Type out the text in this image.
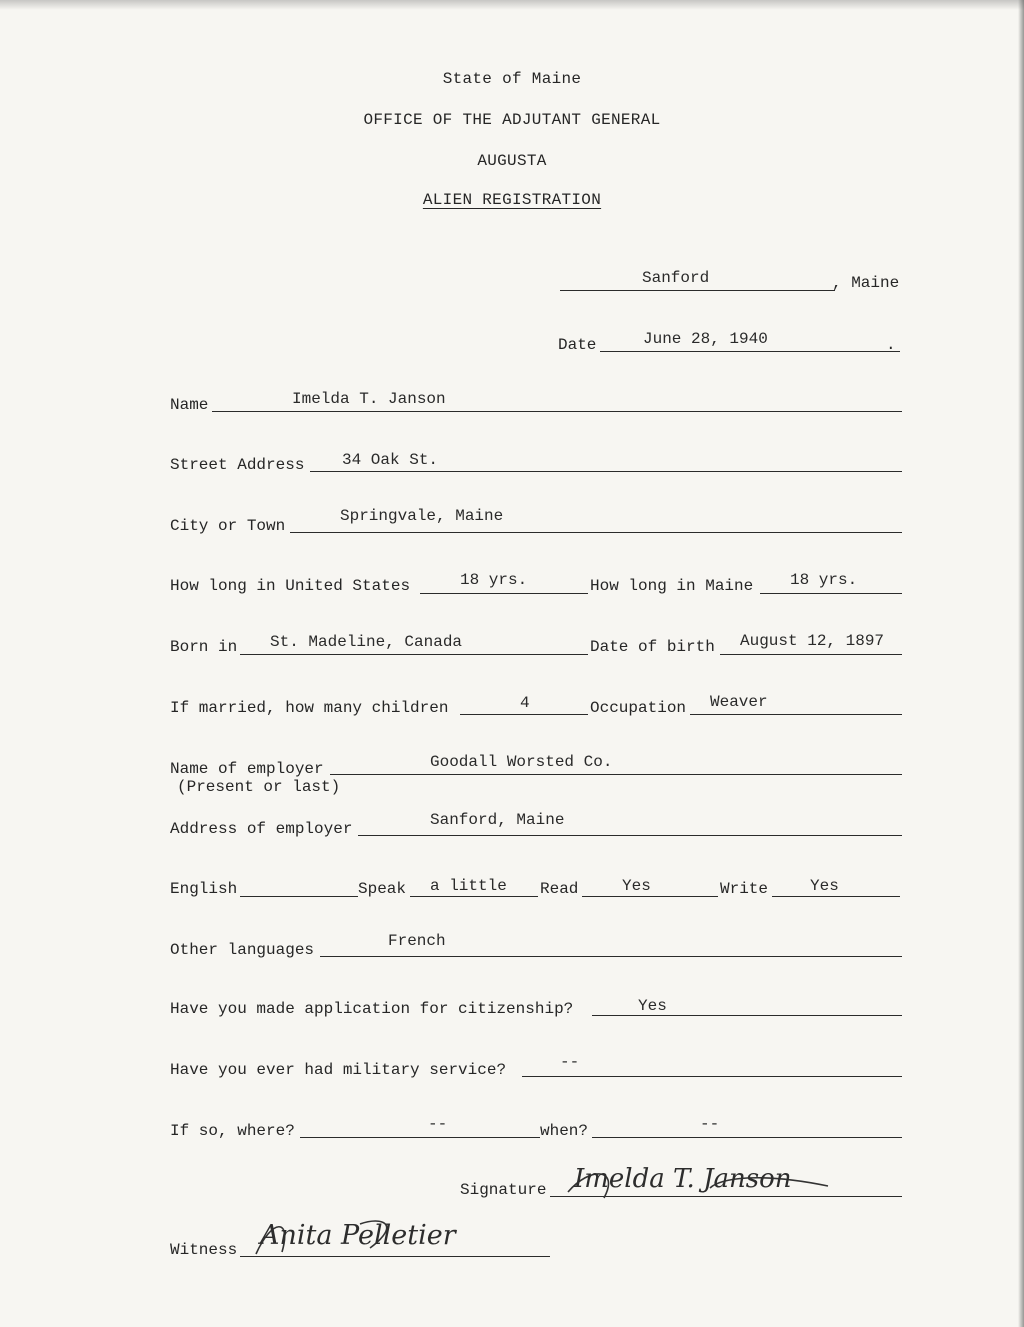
State of Maine
OFFICE OF THE ADJUTANT GENERAL
AUGUSTA
ALIEN REGISTRATION
Sanford	, Maine
Date	June 28, 1940	.
Name	Imelda T. Janson
Street Address 34 Oak St.
City or Town
Springvale, Maine
How long in United States	18 yrs.	How long in Maine 18 yrs.
Born in St. Madeline, Canada	Date of birth August 12, 1897
If married, how many children	4	Occupation Weaver
Name of employer
(Present or last)
Goodall Worsted Co.
Address of employer	Sanford, Maine
English	Speak a little Read	Yes	Write	Yes
Other languages	French
Have you made application for citizenship?	Yes
Have you ever had military service?	--
If so, where?	--	when?	--
Signature	Imelda T. Janson
Witness Anita Pelletier
